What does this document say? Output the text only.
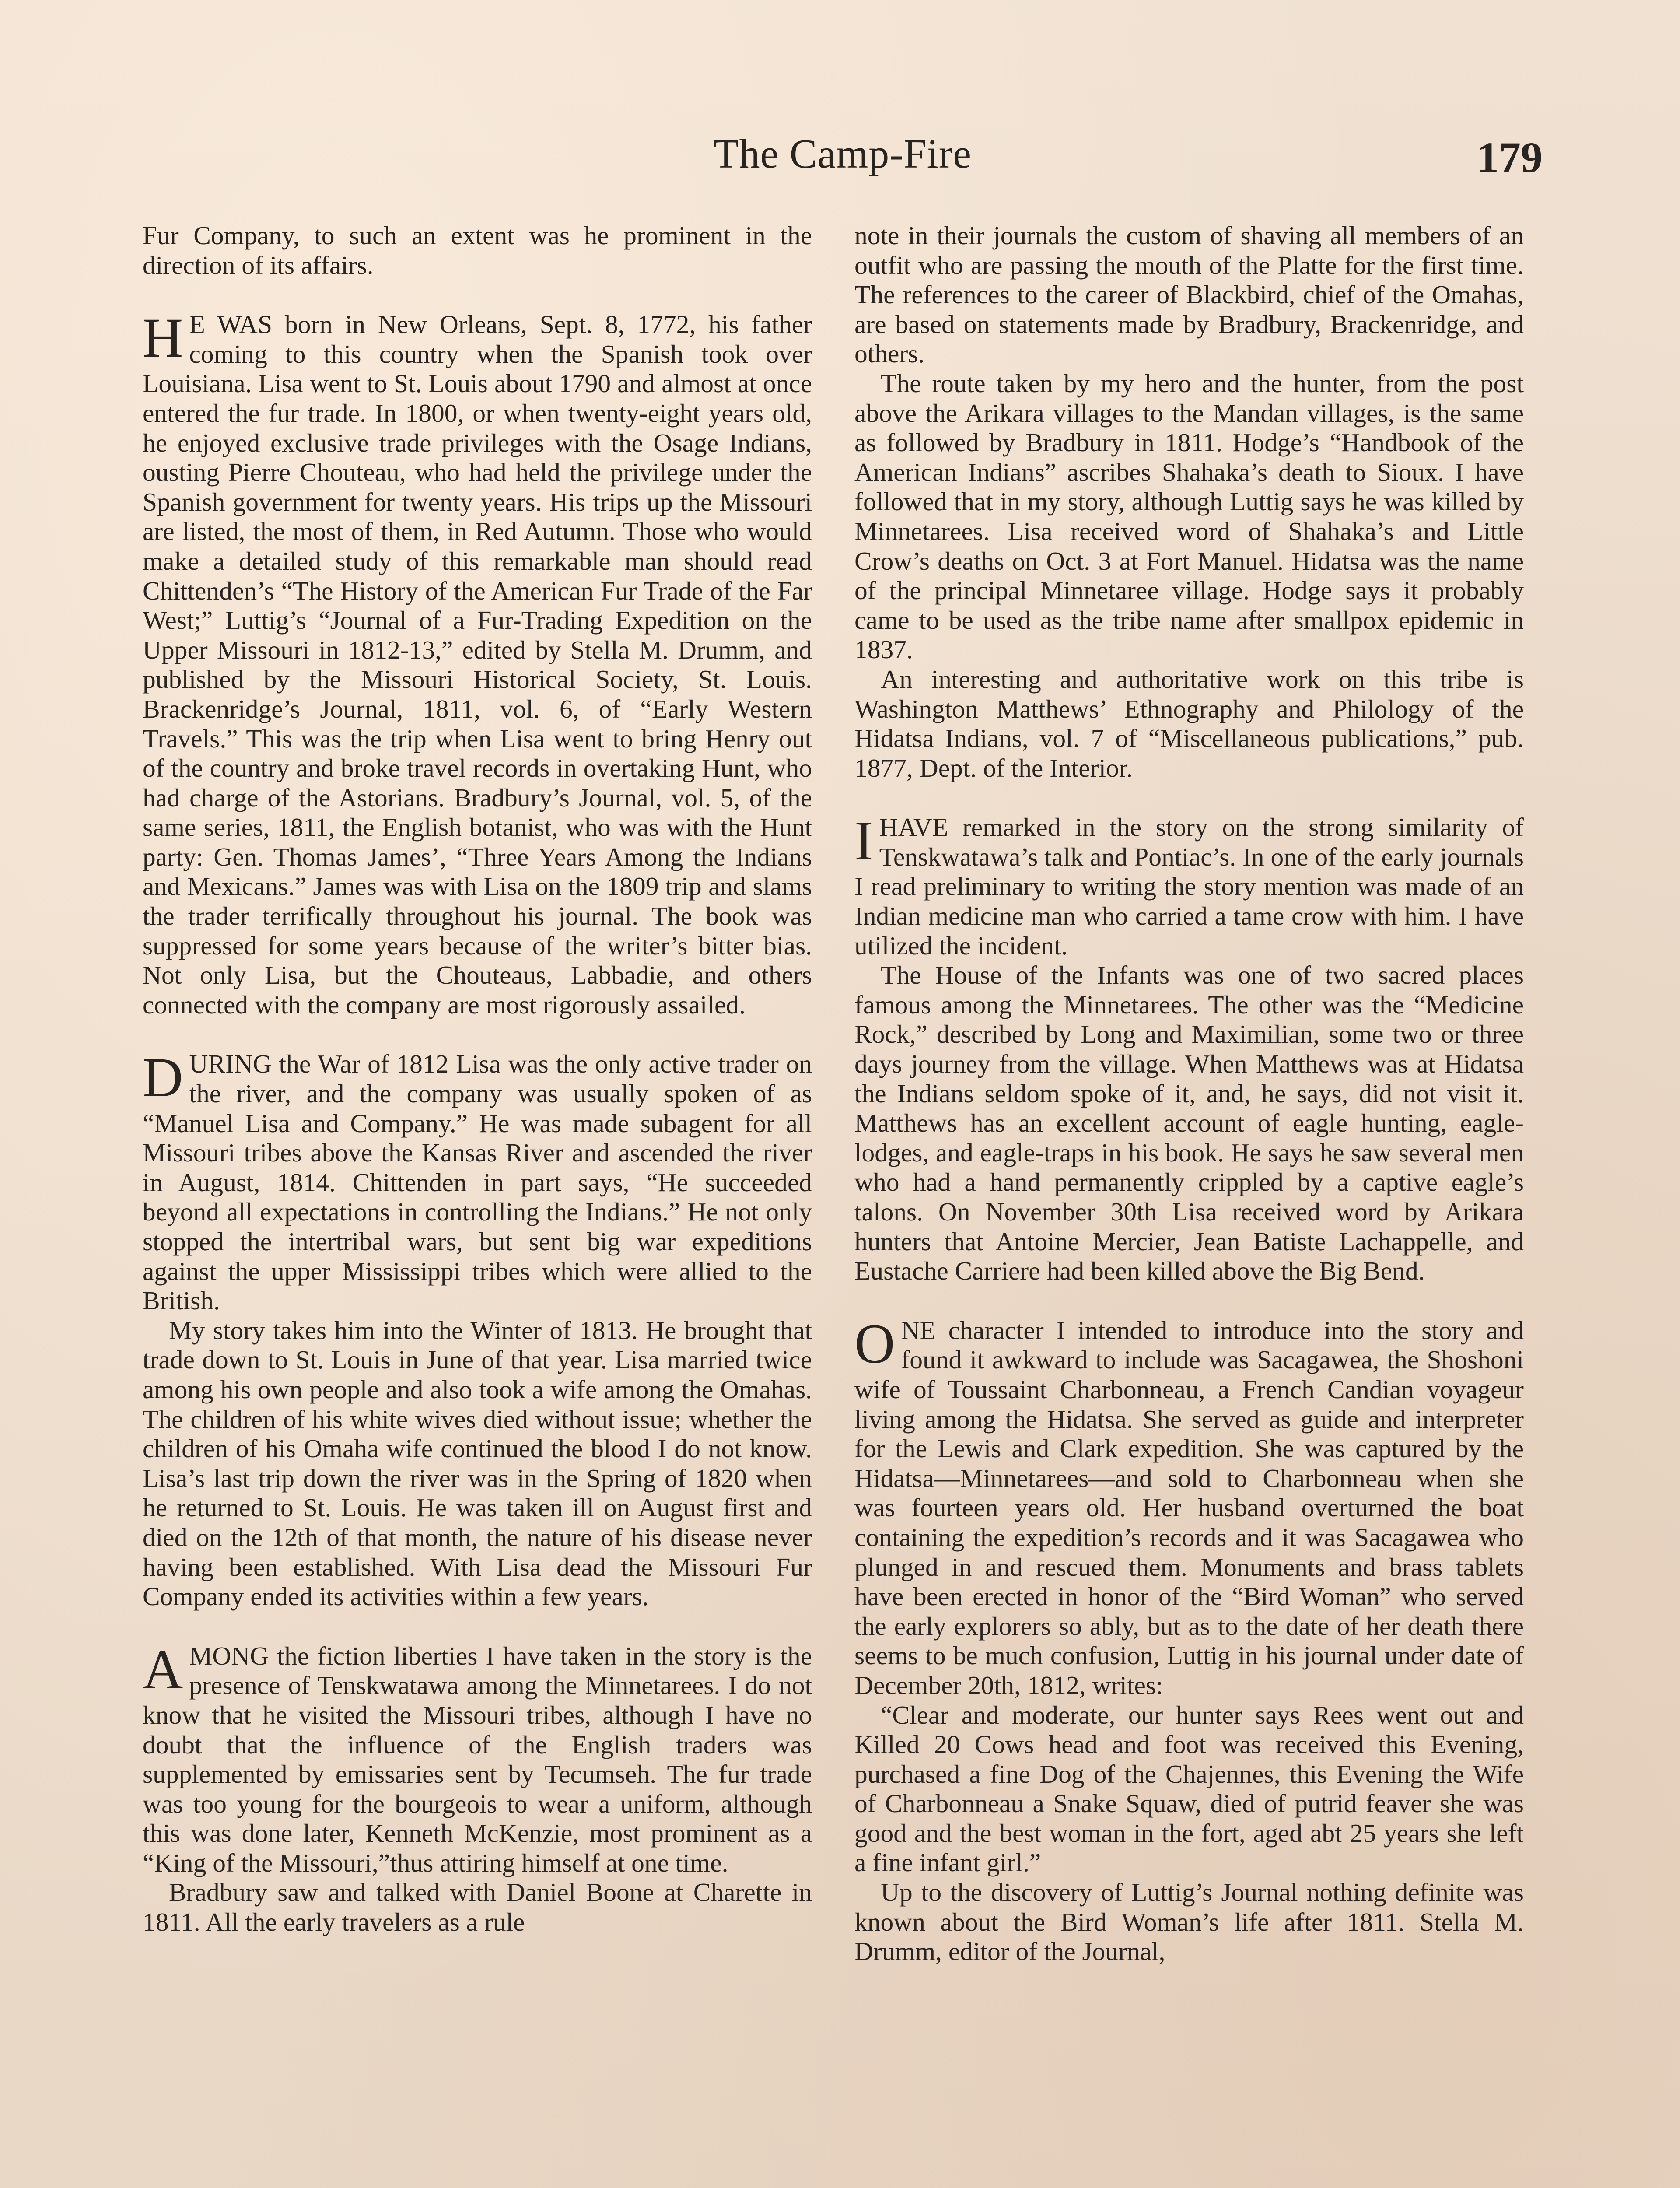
The Camp-Fire	179

Fur Company, to such an extent was he prominent in the direction of its affairs.

H E WAS born in New Orleans, Sept. 8, 1772, his father coming to this country when the Spanish took over Louisiana. Lisa went to St. Louis about 1790 and almost at once entered the fur trade. In 1800, or when twenty-eight years old, he enjoyed exclusive trade privileges with the Osage Indians, ousting Pierre Chouteau, who had held the privilege under the Spanish government for twenty years. His trips up the Missouri are listed, the most of them, in Red Autumn. Those who would make a detailed study of this remarkable man should read Chittenden’s “The History of the American Fur Trade of the Far West;” Luttig’s “Journal of a Fur-Trading Expedition on the Upper Missouri in 1812-13,” edited by Stella M. Drumm, and published by the Missouri Historical Society, St. Louis. Brackenridge’s Journal, 1811, vol. 6, of “Early Western Travels.” This was the trip when Lisa went to bring Henry out of the country and broke travel records in overtaking Hunt, who had charge of the Astorians. Bradbury’s Journal, vol. 5, of the same series, 1811, the English botanist, who was with the Hunt party: Gen. Thomas James’, “Three Years Among the Indians and Mexicans.” James was with Lisa on the 1809 trip and slams the trader terrifically throughout his journal. The book was suppressed for some years because of the writer’s bitter bias. Not only Lisa, but the Chouteaus, Labbadie, and others connected with the company are most rigorously assailed.

DURING the War of 1812 Lisa was the only active trader on the river, and the company was usually spoken of as “Manuel Lisa and Company.” He was made subagent for all Missouri tribes above the Kansas River and ascended the river in August, 1814. Chittenden in part says, “He succeeded beyond all expectations in controlling the Indians.” He not only stopped the intertribal wars, but sent big war expeditions against the upper Mississippi tribes which were allied to the British.

My story takes him into the Winter of 1813. He brought that trade down to St. Louis in June of that year. Lisa married twice among his own people and also took a wife among the Omahas. The children of his white wives died without issue; whether the children of his Omaha wife continued the blood I do not know. Lisa’s last trip down the river was in the Spring of 1820 when he returned to St. Louis. He was taken ill on August first and died on the 12th of that month, the nature of his disease never having been established. With Lisa dead the Missouri Fur Company ended its activities within a few years.

AMONG the fiction liberties I have taken in the story is the presence of Tenskwatawa among the Minnetarees. I do not know that he visited the Missouri tribes, although I have no doubt that the influence of the English traders was supplemented by emissaries sent by Tecumseh. The fur trade was too young for the bourgeois to wear a uniform, although this was done later, Kenneth McKenzie, most prominent as a “King of the Missouri,”thus attiring himself at one time.

Bradbury saw and talked with Daniel Boone at Charette in 1811. All the early travelers as a rule

note in their journals the custom of shaving all members of an outfit who are passing the mouth of the Platte for the first time. The references to the career of Blackbird, chief of the Omahas, are based on statements made by Bradbury, Brackenridge, and others.

The route taken by my hero and the hunter, from the post above the Arikara villages to the Mandan villages, is the same as followed by Bradbury in 1811. Hodge’s “Handbook of the American Indians” ascribes Shahaka’s death to Sioux. I have followed that in my story, although Luttig says he was killed by Minnetarees. Lisa received word of Shahaka’s and Little Crow’s deaths on Oct. 3 at Fort Manuel. Hidatsa was the name of the principal Minnetaree village. Hodge says it probably came to be used as the tribe name after smallpox epidemic in 1837.

An interesting and authoritative work on this tribe is Washington Matthews’ Ethnography and Philology of the Hidatsa Indians, vol. 7 of “Miscellaneous publications,” pub. 1877, Dept. of the Interior.

IHAVE remarked in the story on the strong similarity of Tenskwatawa’s talk and Pontiac’s. In one of the early journals I read preliminary to writing the story mention was made of an Indian medicine man who carried a tame crow with him. I have utilized the incident.

The House of the Infants was one of two sacred places famous among the Minnetarees. The other was the “Medicine Rock,” described by Long and Maximilian, some two or three days journey from the village. When Matthews was at Hidatsa the Indians seldom spoke of it, and, he says, did not visit it. Matthews has an excellent account of eagle hunting, eagle-lodges, and eagle-traps in his book. He says he saw several men who had a hand permanently crippled by a captive eagle’s talons. On November 30th Lisa received word by Arikara hunters that Antoine Mercier, Jean Batiste Lachappelle, and Eustache Carriere had been killed above the Big Bend.

ONE character I intended to introduce into the story and found it awkward to include was Sacagawea, the Shoshoni wife of Toussaint Charbonneau, a French Candian voyageur living among the Hidatsa. She served as guide and interpreter for the Lewis and Clark expedition. She was captured by the Hidatsa—Minnetarees—and sold to Charbonneau when she was fourteen years old. Her husband overturned the boat containing the expedition’s records and it was Sacagawea who plunged in and rescued them. Monuments and brass tablets have been erected in honor of the “Bird Woman” who served the early explorers so ably, but as to the date of her death there seems to be much confusion, Luttig in his journal under date of December 20th, 1812, writes:

“Clear and moderate, our hunter says Rees went out and Killed 20 Cows head and foot was received this Evening, purchased a fine Dog of the Chajennes, this Evening the Wife of Charbonneau a Snake Squaw, died of putrid feaver she was good and the best woman in the fort, aged abt 25 years she left a fine infant girl.”

Up to the discovery of Luttig’s Journal nothing definite was known about the Bird Woman’s life after 1811. Stella M. Drumm, editor of the Journal,
